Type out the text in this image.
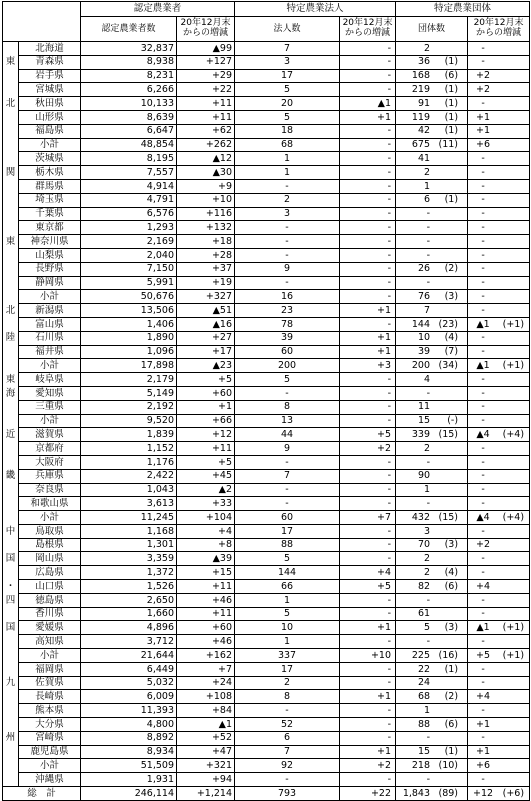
		認定農業者		特定農業法人		特定農業団体	
		認定農業者数	20年12月末からの増減	法人数	20年12月末からの増減	団体数	20年12月末からの増減
	北海道	32,837	▲99	7	-	2	-
東	青森県	8,938	+127	3	-	36 (1)	-
	岩手県	8,231	+29	17	-	168 (6)	+2
	宮城県	6,266	+22	5	-	219 (1)	+2
北	秋田県	10,133	+11	20	▲1	91 (1)	-
	山形県	8,639	+11	5	+1	119 (1)	+1
	福島県	6,647	+62	18	-	42 (1)	+1
	小計	48,854	+262	68	-	675 (11)	+6
	茨城県	8,195	▲12	1	-	41	-
関	栃木県	7,557	▲30	1	-	2	-
	群馬県	4,914	+9	-	-	1	-
	埼玉県	4,791	+10	2	-	6 (1)	-
	千葉県	6,576	+116	3	-	-	-
	東京都	1,293	+132	-	-	-	-
東	神奈川県	2,169	+18	-	-	-	-
	山梨県	2,040	+28	-	-	-	-
	長野県	7,150	+37	9	-	26 (2)	-
	静岡県	5,991	+19	-	-	-	-
	小計	50,676	+327	16	-	76 (3)	-
北	新潟県	13,506	▲51	23	+1	7	-
	富山県	1,406	▲16	78	-	144 (23)	▲1 (+1)
陸	石川県	1,890	+27	39	+1	10 (4)	-
	福井県	1,096	+17	60	+1	39 (7)	-
	小計	17,898	▲23	200	+3	200 (34)	▲1 (+1)
東	岐阜県	2,179	+5	5	-	4	-
海	愛知県	5,149	+60	-	-	-	-
	三重県	2,192	+1	8	-	11	-
	小計	9,520	+66	13	-	15 (-)	-
近	滋賀県	1,839	+12	44	+5	339 (15)	▲4 (+4)
	京都府	1,152	+11	9	+2	2	-
	大阪府	1,176	+5	-	-	-	-
畿	兵庫県	2,422	+45	7	-	90	-
	奈良県	1,043	▲2	-	-	1	-
	和歌山県	3,613	+33	-	-	-	-
	小計	11,245	+104	60	+7	432 (15)	▲4 (+4)
中	鳥取県	1,168	+4	17	-	3	-
	島根県	1,301	+8	88	-	70 (3)	+2
国	岡山県	3,359	▲39	5	-	2	-
	広島県	1,372	+15	144	+4	2 (4)	-
・	山口県	1,526	+11	66	+5	82 (6)	+4
四	徳島県	2,650	+46	1	-	-	-
	香川県	1,660	+11	5	-	61	-
国	愛媛県	4,896	+60	10	+1	5 (3)	▲1 (+1)
	高知県	3,712	+46	1	-	-	-
	小計	21,644	+162	337	+10	225 (16)	+5 (+1)
	福岡県	6,449	+7	17	-	22 (1)	-
九	佐賀県	5,032	+24	2	-	24	-
	長崎県	6,009	+108	8	+1	68 (2)	+4
	熊本県	11,393	+84	-	-	1	-
	大分県	4,800	▲1	52	-	88 (6)	+1
州	宮崎県	8,892	+52	6	-	-	-
	鹿児島県	8,934	+47	7	+1	15 (1)	+1
	小計	51,509	+321	92	+2	218 (10)	+6
	沖縄県	1,931	+94	-	-	-	-
総　計		246,114	+1,214	793	+22	1,843 (89)	+12 (+6)
